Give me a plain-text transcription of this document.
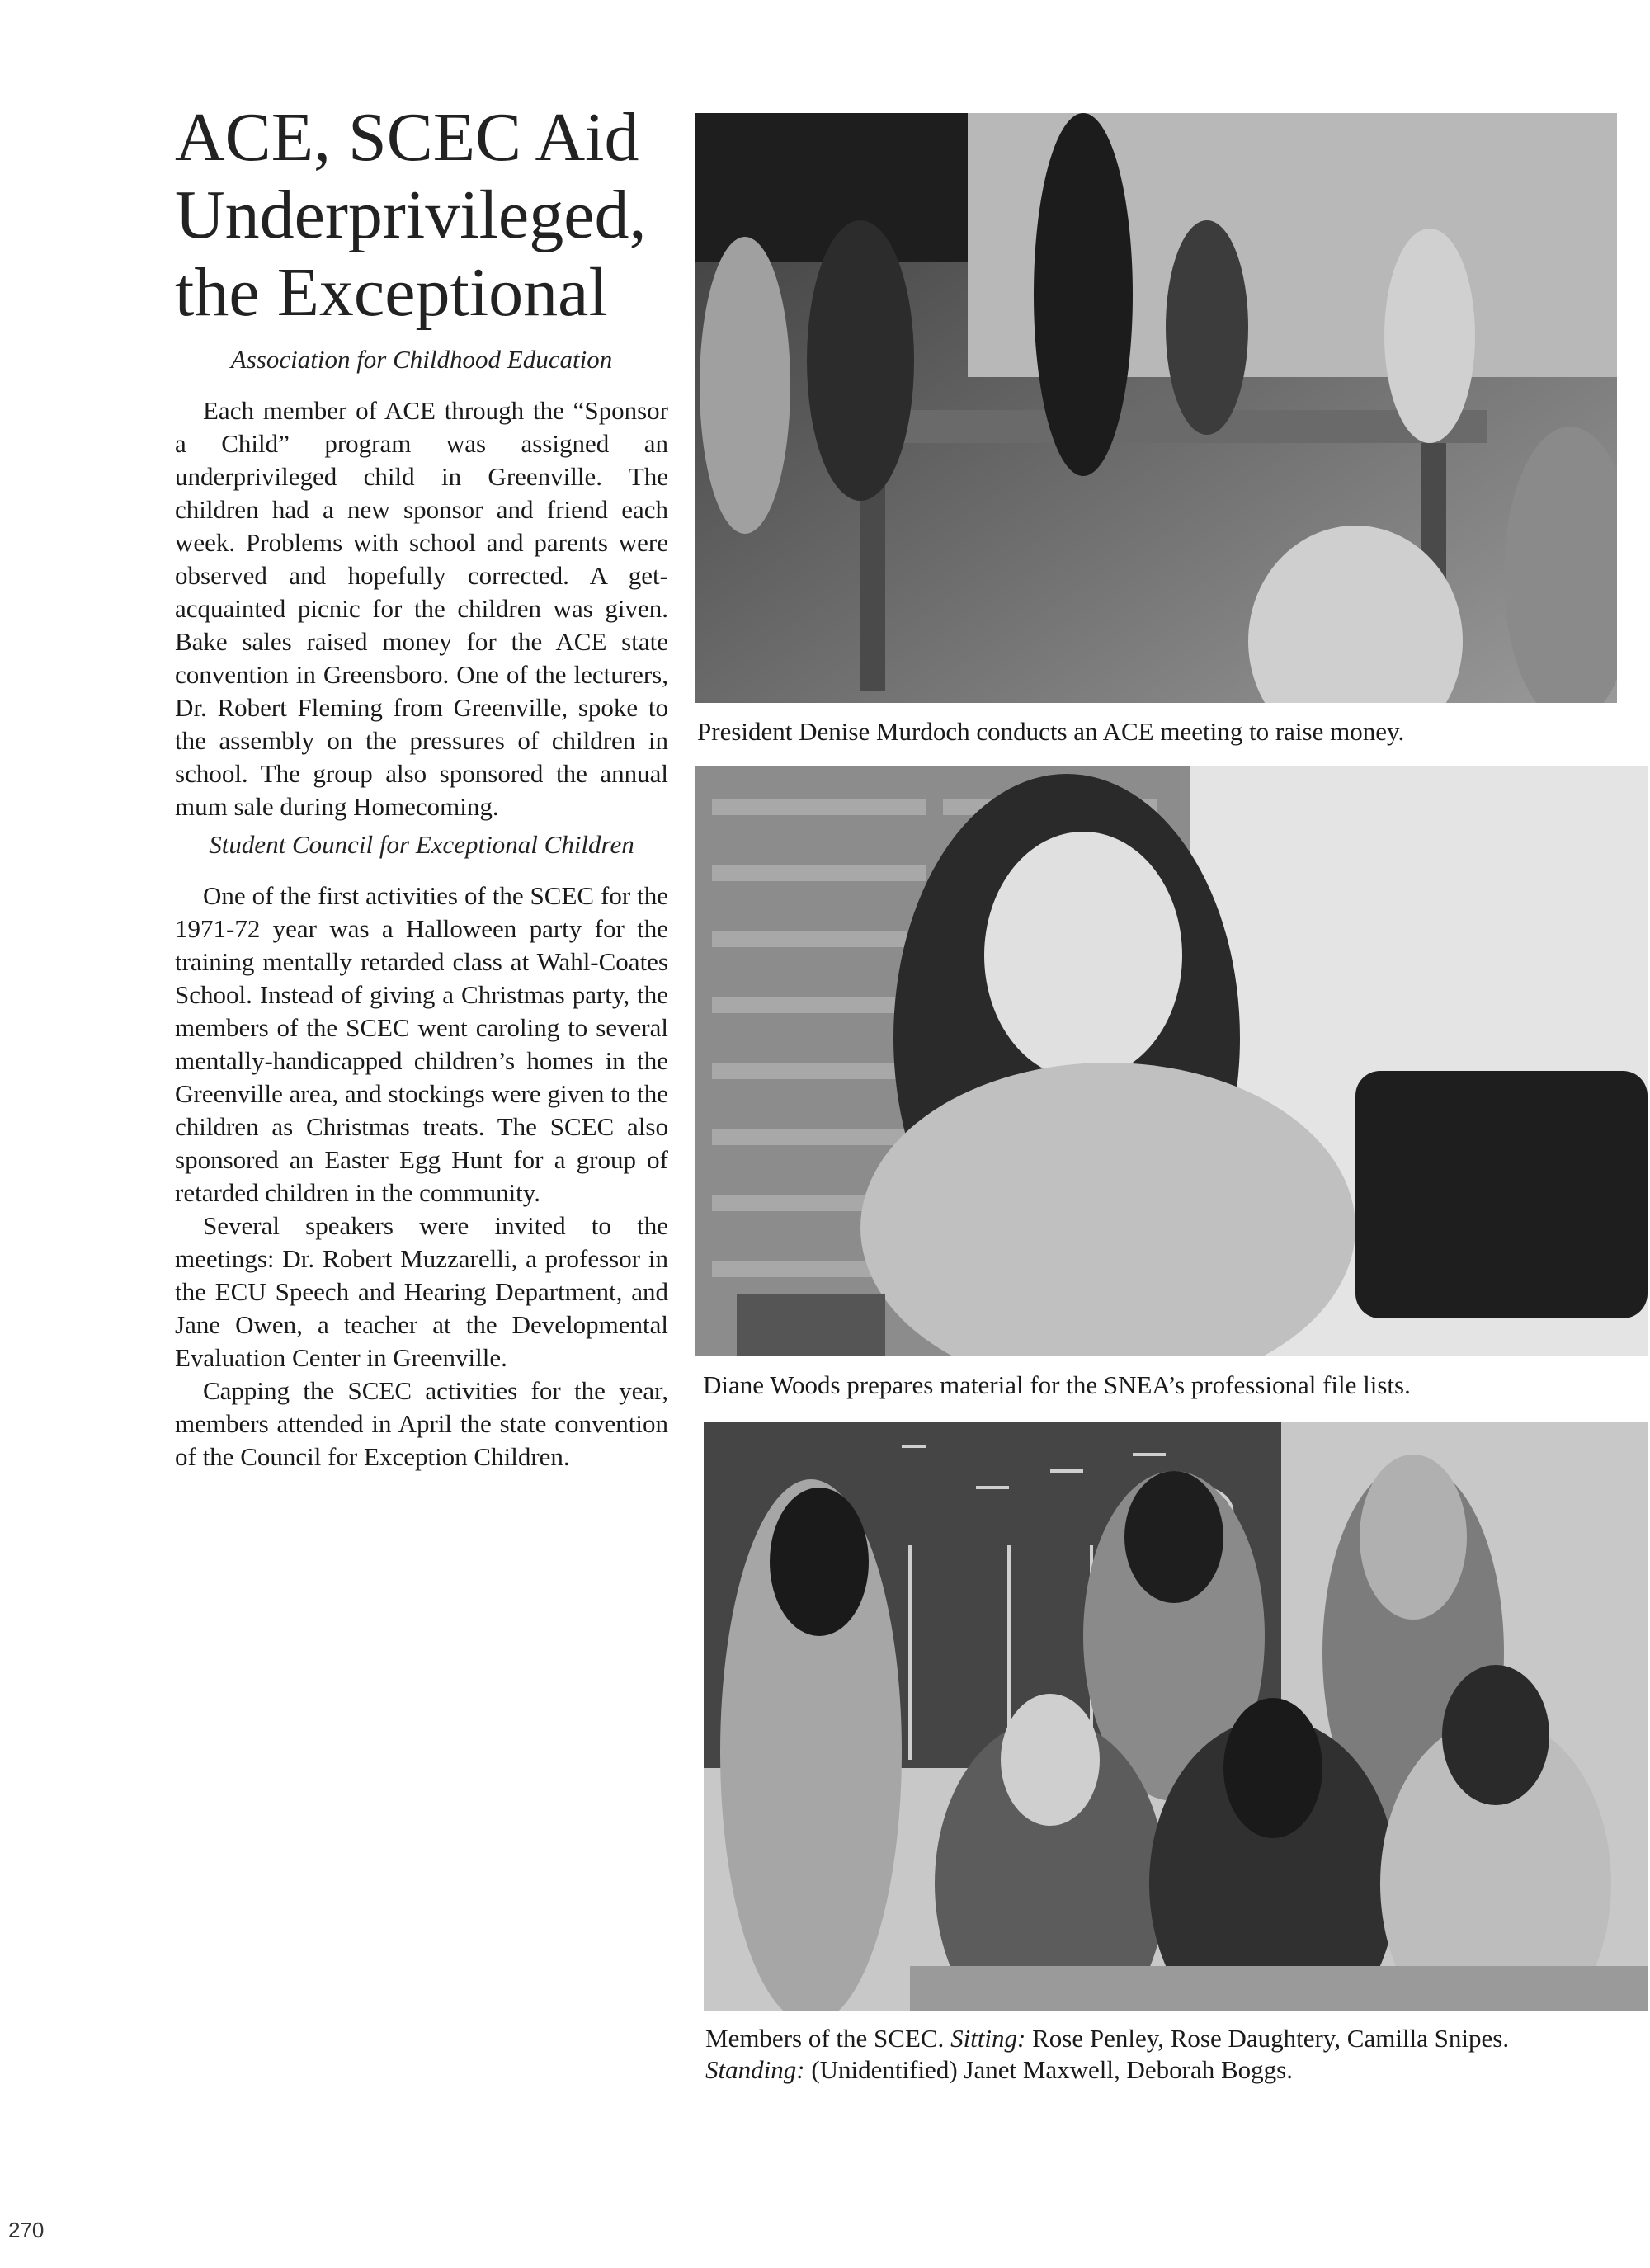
ACE, SCEC Aid
Underprivileged,
the Exceptional
Association for Childhood Education

Each member of ACE through the “Sponsor a Child” program was assigned an underprivileged child in Greenville. The children had a new sponsor and friend each week. Problems with school and parents were observed and hopefully corrected. A get-acquainted picnic for the children was given. Bake sales raised money for the ACE state convention in Greensboro. One of the lecturers, Dr. Robert Fleming from Greenville, spoke to the assembly on the pressures of children in school. The group also sponsored the annual mum sale during Homecoming.

Student Council for Exceptional Children

One of the first activities of the SCEC for the 1971-72 year was a Halloween party for the training mentally retarded class at Wahl-Coates School. Instead of giving a Christmas party, the members of the SCEC went caroling to several mentally-handicapped children’s homes in the Greenville area, and stockings were given to the children as Christmas treats. The SCEC also sponsored an Easter Egg Hunt for a group of retarded children in the community.

Several speakers were invited to the meetings: Dr. Robert Muzzarelli, a professor in the ECU Speech and Hearing Department, and Jane Owen, a teacher at the Developmental Evaluation Center in Greenville.

Capping the SCEC activities for the year, members attended in April the state convention of the Council for Exception Children.

President Denise Murdoch conducts an ACE meeting to raise money.
Diane Woods prepares material for the SNEA’s professional file lists.
Members of the SCEC. Sitting: Rose Penley, Rose Daughtery, Camilla Snipes.
Standing: (Unidentified) Janet Maxwell, Deborah Boggs.
270
